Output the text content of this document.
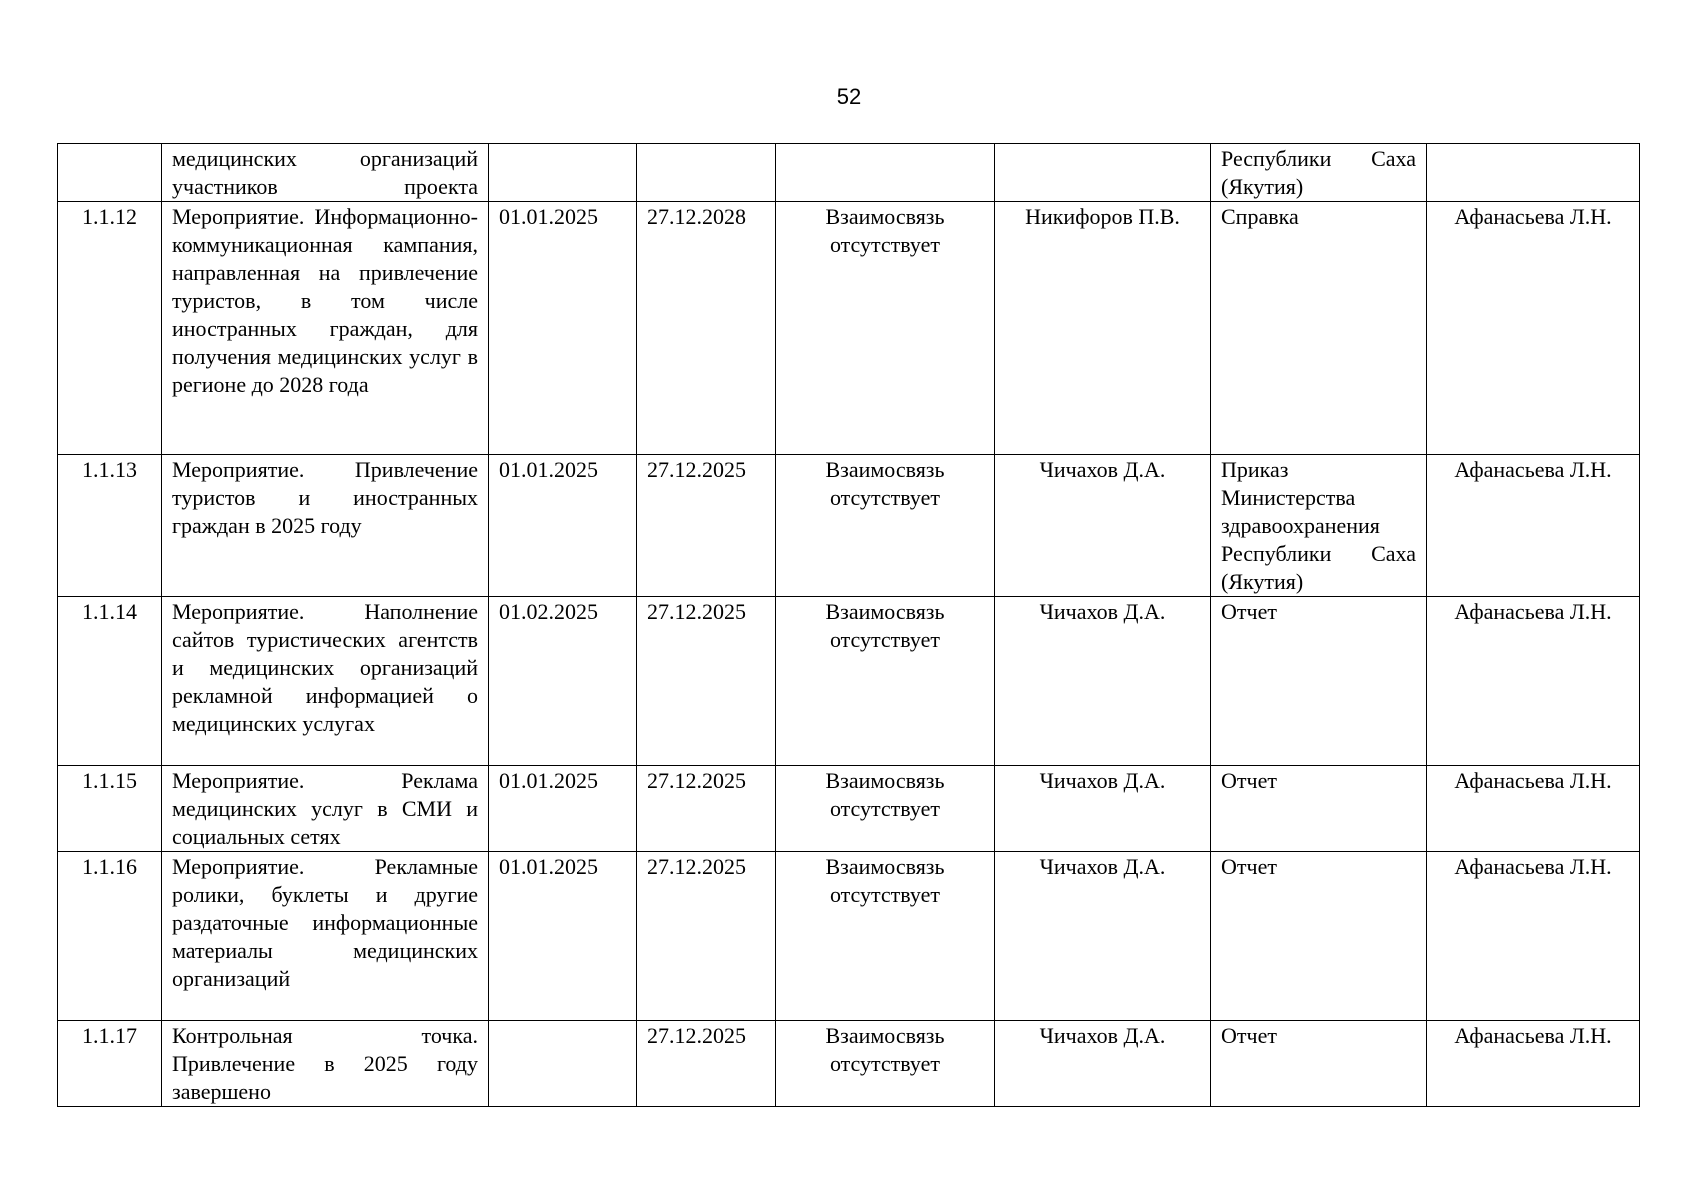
52
	медицинских организаций участников проекта					Республики Саха (Якутия)	
1.1.12	Мероприятие. Информационно-коммуникационная кампания, направленная на привлечение туристов, в том числе иностранных граждан, для получения медицинских услуг в регионе до 2028 года	01.01.2025	27.12.2028	Взаимосвязь отсутствует	Никифоров П.В.	Справка	Афанасьева Л.Н.
1.1.13	Мероприятие. Привлечение туристов и иностранных граждан в 2025 году	01.01.2025	27.12.2025	Взаимосвязь отсутствует	Чичахов Д.А.	Приказ Министерства здравоохранения Республики Саха (Якутия)	Афанасьева Л.Н.
1.1.14	Мероприятие. Наполнение сайтов туристических агентств и медицинских организаций рекламной информацией о медицинских услугах	01.02.2025	27.12.2025	Взаимосвязь отсутствует	Чичахов Д.А.	Отчет	Афанасьева Л.Н.
1.1.15	Мероприятие. Реклама медицинских услуг в СМИ и социальных сетях	01.01.2025	27.12.2025	Взаимосвязь отсутствует	Чичахов Д.А.	Отчет	Афанасьева Л.Н.
1.1.16	Мероприятие. Рекламные ролики, буклеты и другие раздаточные информационные материалы медицинских организаций	01.01.2025	27.12.2025	Взаимосвязь отсутствует	Чичахов Д.А.	Отчет	Афанасьева Л.Н.
1.1.17	Контрольная точка. Привлечение в 2025 году завершено		27.12.2025	Взаимосвязь отсутствует	Чичахов Д.А.	Отчет	Афанасьева Л.Н.
